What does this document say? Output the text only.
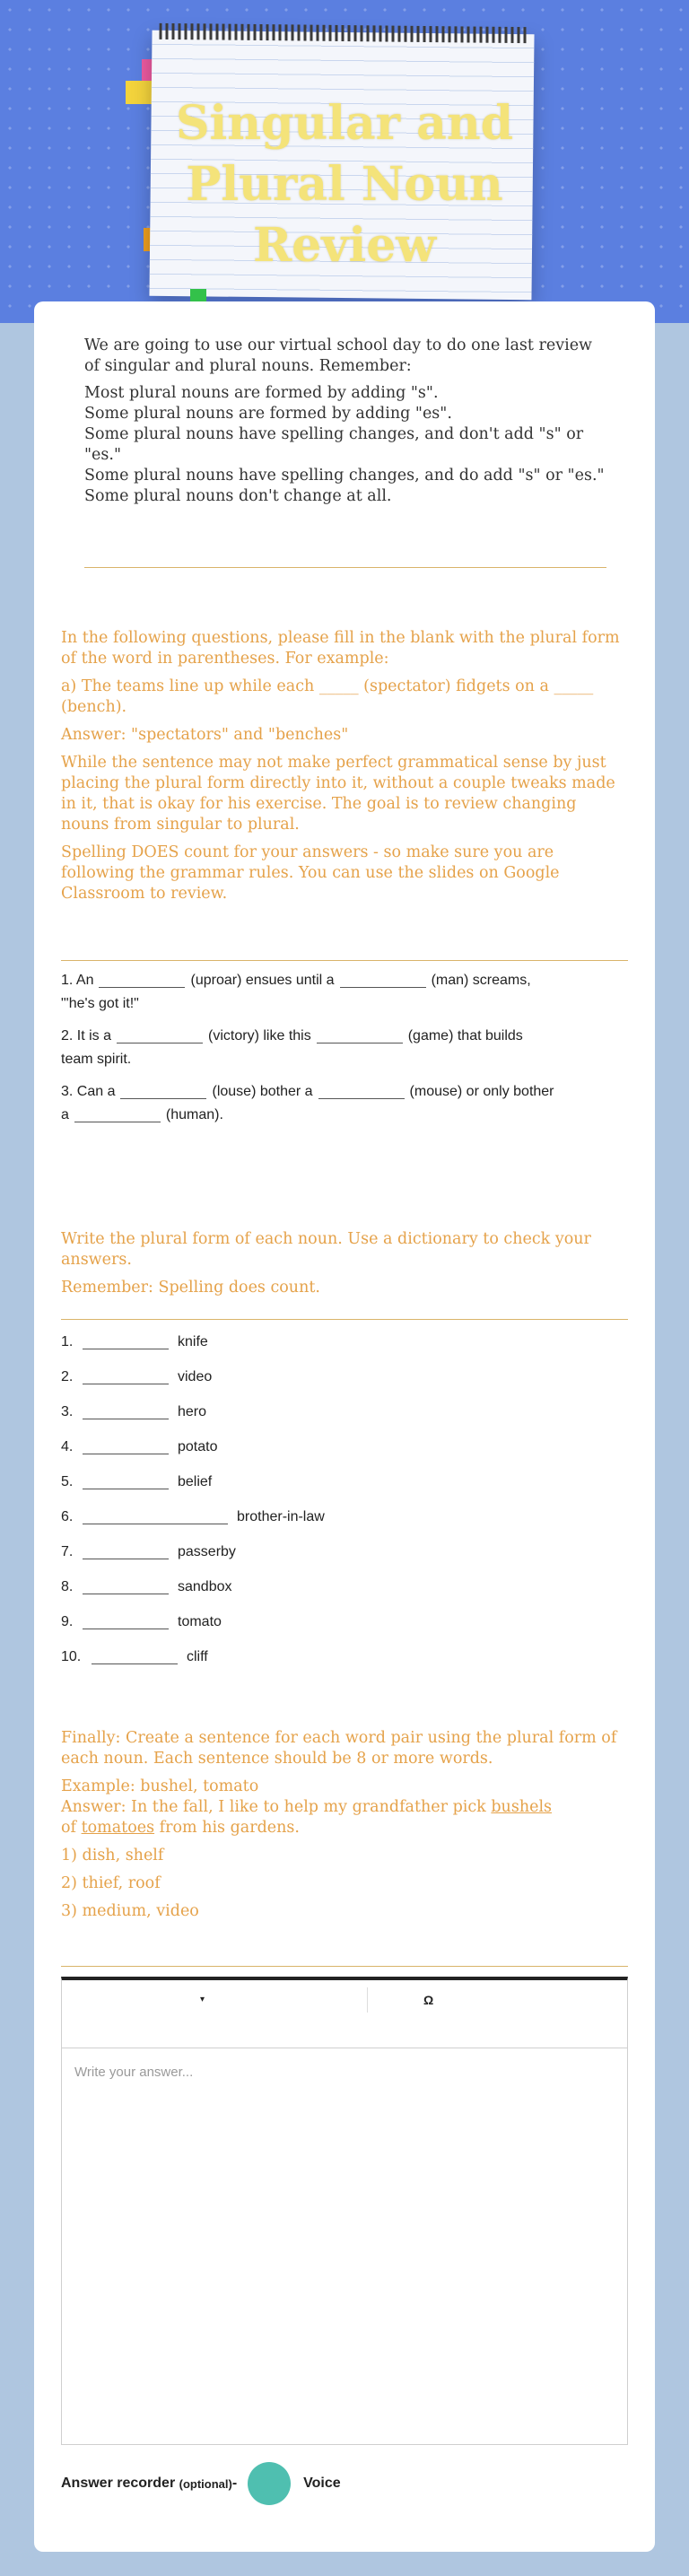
Singular and Plural Noun Review

We are going to use our virtual school day to do one last review of singular and plural nouns. Remember:

Most plural nouns are formed by adding "s".
Some plural nouns are formed by adding "es".
Some plural nouns have spelling changes, and don't add "s" or "es."
Some plural nouns have spelling changes, and do add "s" or "es."
Some plural nouns don't change at all.

In the following questions, please fill in the blank with the plural form of the word in parentheses. For example:

a) The teams line up while each _____ (spectator) fidgets on a _____ (bench).

Answer: "spectators" and "benches"

While the sentence may not make perfect grammatical sense by just placing the plural form directly into it, without a couple tweaks made in it, that is okay for his exercise. The goal is to review changing nouns from singular to plural.

Spelling DOES count for your answers - so make sure you are following the grammar rules. You can use the slides on Google Classroom to review.

1. An	(uproar) ensues until a	(man) screams,
"'he's got it!"
2. It is a	(victory) like this	(game) that builds
team spirit.
3. Can a	(louse) bother a	(mouse) or only bother
a	(human).

Write the plural form of each noun. Use a dictionary to check your answers.

Remember: Spelling does count.

1.	knife
2.	video
3.	hero
4.	potato
5.	belief
6.	brother-in-law
7.	passerby
8.	sandbox
9.	tomato
10.	cliff

Finally: Create a sentence for each word pair using the plural form of each noun. Each sentence should be 8 or more words.

Example: bushel, tomato

Answer: In the fall, I like to help my grandfather pick bushels
of tomatoes from his gardens.

1) dish, shelf

2) thief, roof

3) medium, video

▾	Ω
Write your answer...
Answer recorder
(optional) -	Voice
